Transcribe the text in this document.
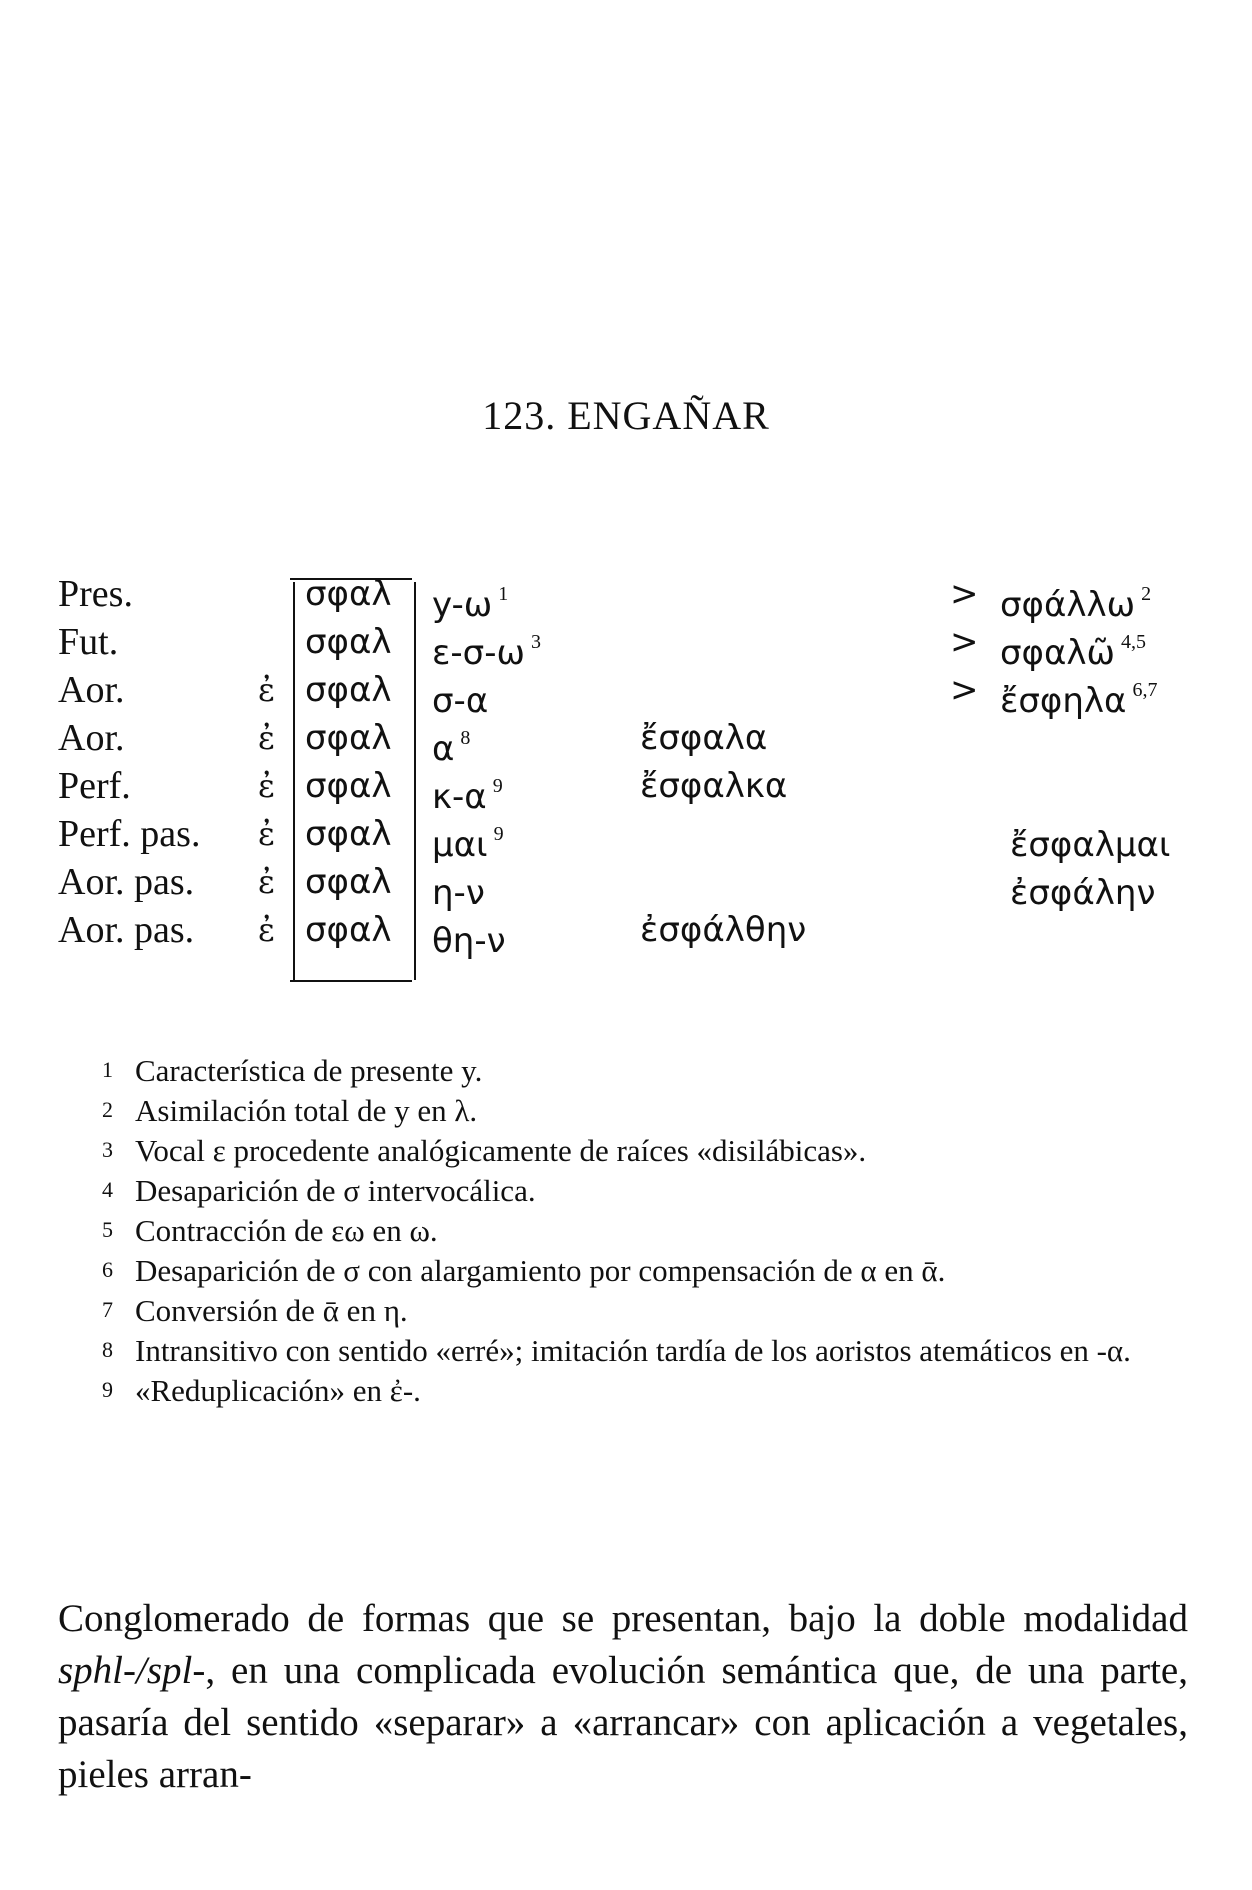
123. ENGAÑAR
Pres.	σφαλ y-ω $^1$	> σφάλλω $^2$
Fut.	σφαλ ε-σ-ω $^3$	> σφαλῶ $^{4,5}$
Aor.	ἐ σφαλ σ-α	> ἔσφηλα $^{6,7}$
Aor.	ἐ σφαλ α $^8$	ἔσφαλα
Perf.	ἐ σφαλ κ-α $^9$	ἔσφαλκα
Perf. pas. ἐ σφαλ μαι $^9$	ἔσφαλμαι
Aor. pas. ἐ σφαλ η-ν	ἐσφάλην
Aor. pas. ἐ σφαλ θη-ν	ἐσφάλθην
1 Característica de presente y.
2 Asimilación total de y en λ.
3 Vocal ε procedente analógicamente de raíces «disilábicas».
4 Desaparición de σ intervocálica.
5 Contracción de εω en ω.
6 Desaparición de σ con alargamiento por compensación de α en ᾱ.
7 Conversión de ᾱ en η.
8 Intransitivo con sentido «erré»; imitación tardía de los aoristos atemáticos en -α.
9 «Reduplicación» en ἐ-.
Conglomerado de formas que se presentan, bajo la doble modalidad sphl-/spl-, en una complicada evolución semántica que, de una parte, pasaría del sentido «separar» a «arrancar» con aplicación a vegetales, pieles arran-
